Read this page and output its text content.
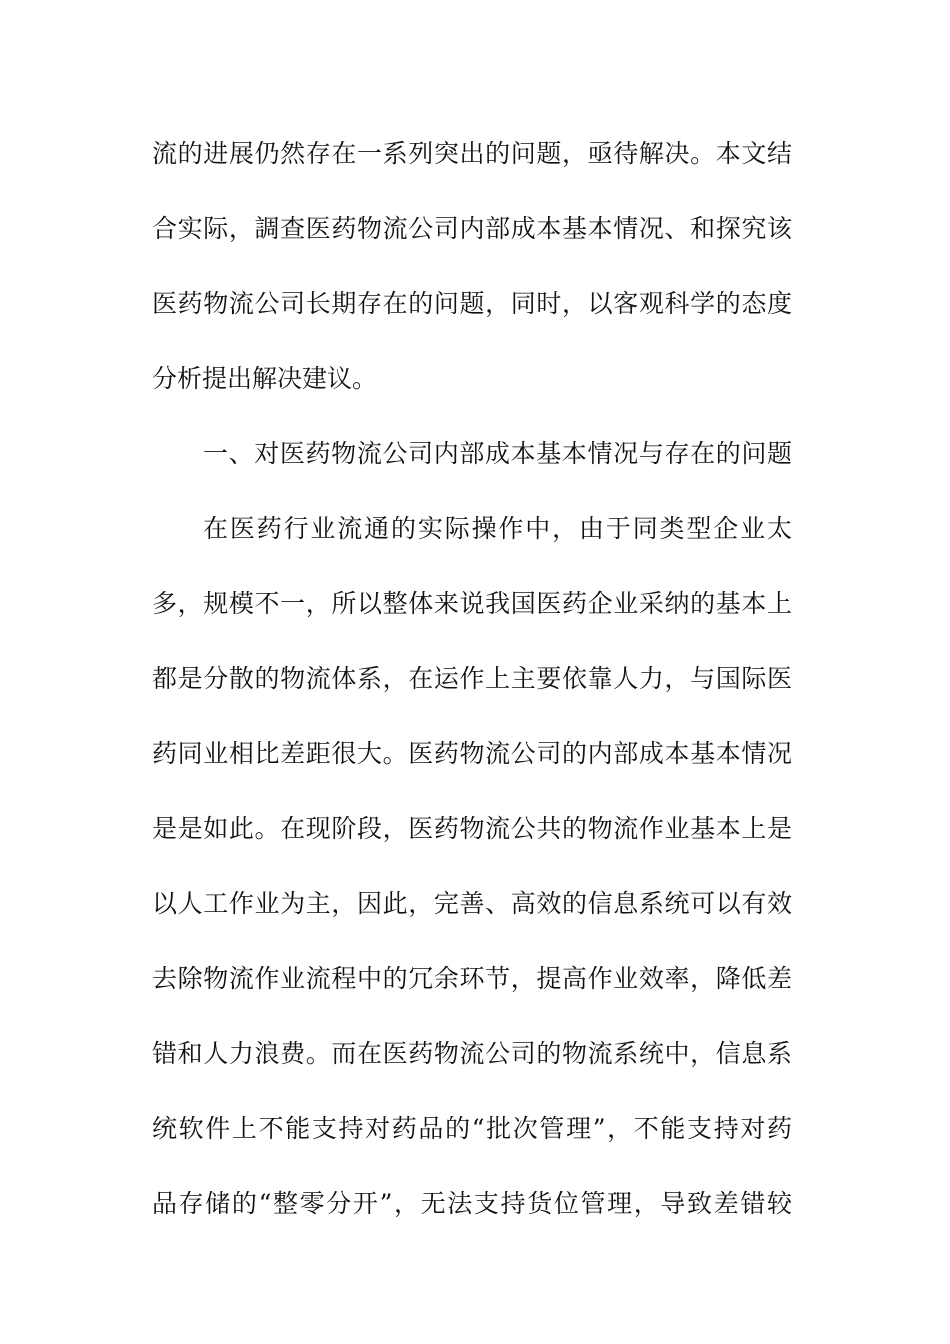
流的进展仍然存在一系列突出的问题，亟待解决。本文结
合实际，調查医药物流公司内部成本基本情况、和探究该
医药物流公司长期存在的问题，同时，以客观科学的态度
分析提出解决建议。
一、对医药物流公司内部成本基本情况与存在的问题
在医药行业流通的实际操作中，由于同类型企业太
多，规模不一，所以整体来说我国医药企业采纳的基本上
都是分散的物流体系，在运作上主要依靠人力，与国际医
药同业相比差距很大。医药物流公司的内部成本基本情况
是是如此。在现阶段，医药物流公共的物流作业基本上是
以人工作业为主，因此，完善、高效的信息系统可以有效
去除物流作业流程中的冗余环节，提高作业效率，降低差
错和人力浪费。而在医药物流公司的物流系统中，信息系
统软件上不能支持对药品的“批次管理”，不能支持对药
品存储的“整零分开”，无法支持货位管理，导致差错较
